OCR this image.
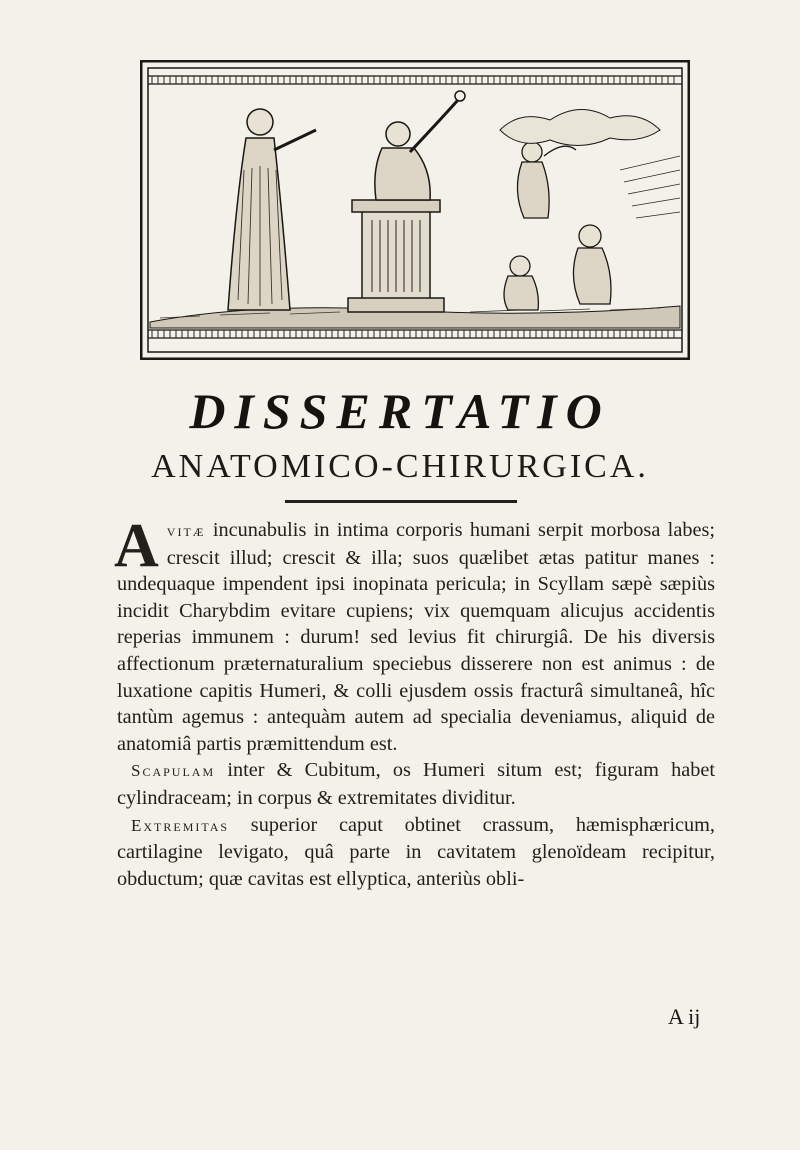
DISSERTATIO
ANATOMICO-CHIRURGICA.

A vitæ incunabulis in intima corporis humani serpit morbosa labes; crescit illud; crescit & illa; suos quælibet ætas patitur manes : undequaque impendent ipsi inopinata pericula; in Scyllam sæpè sæpiùs incidit Charybdim evitare cupiens; vix quemquam alicujus accidentis reperias immunem : durum! sed levius fit chirurgiâ. De his diversis affectionum præternaturalium speciebus disserere non est animus : de luxatione capitis Humeri, & colli ejusdem ossis fracturâ simultaneâ, hîc tantùm agemus : antequàm autem ad specialia deveniamus, aliquid de anatomiâ partis præmittendum est.

Scapulam inter & Cubitum, os Humeri situm est; figuram habet cylindraceam; in corpus & extremitates dividitur.

Extremitas superior caput obtinet crassum, hæmisphæricum, cartilagine levigato, quâ parte in cavitatem glenoïdeam recipitur, obductum; quæ cavitas est ellyptica, anteriùs obli-

A ij
